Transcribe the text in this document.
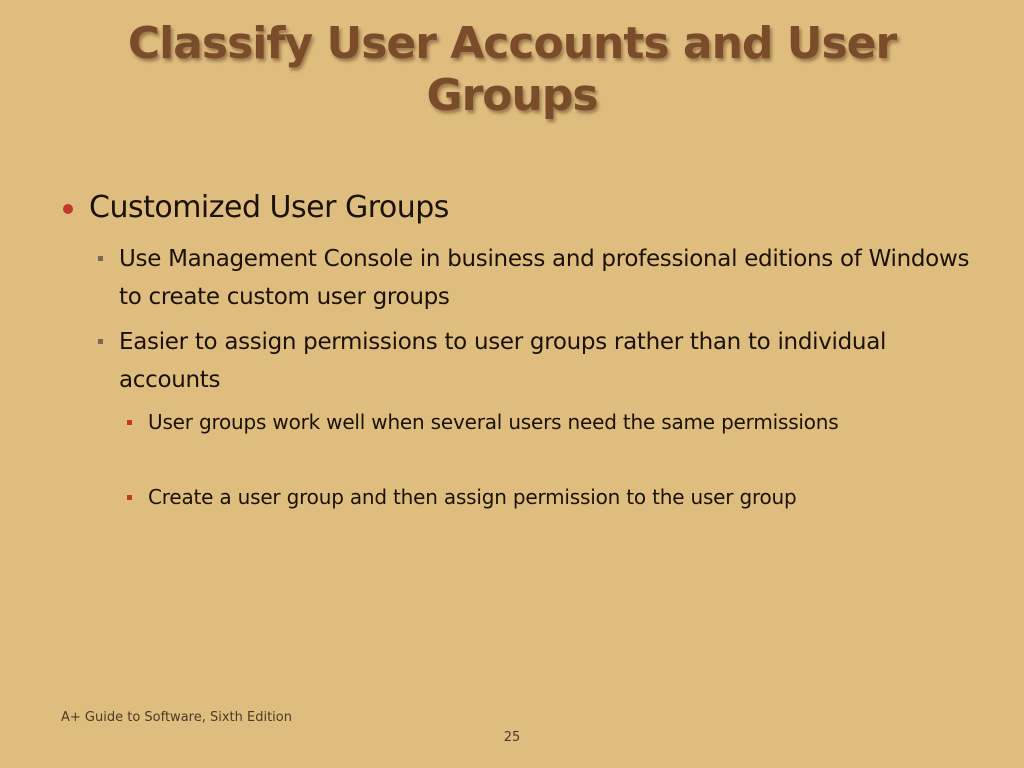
Classify User Accounts and User Groups
Customized User Groups
Use Management Console in business and professional editions of Windows to create custom user groups
Easier to assign permissions to user groups rather than to individual accounts
User groups work well when several users need the same permissions
Create a user group and then assign permission to the user group
A+ Guide to Software, Sixth Edition
25
